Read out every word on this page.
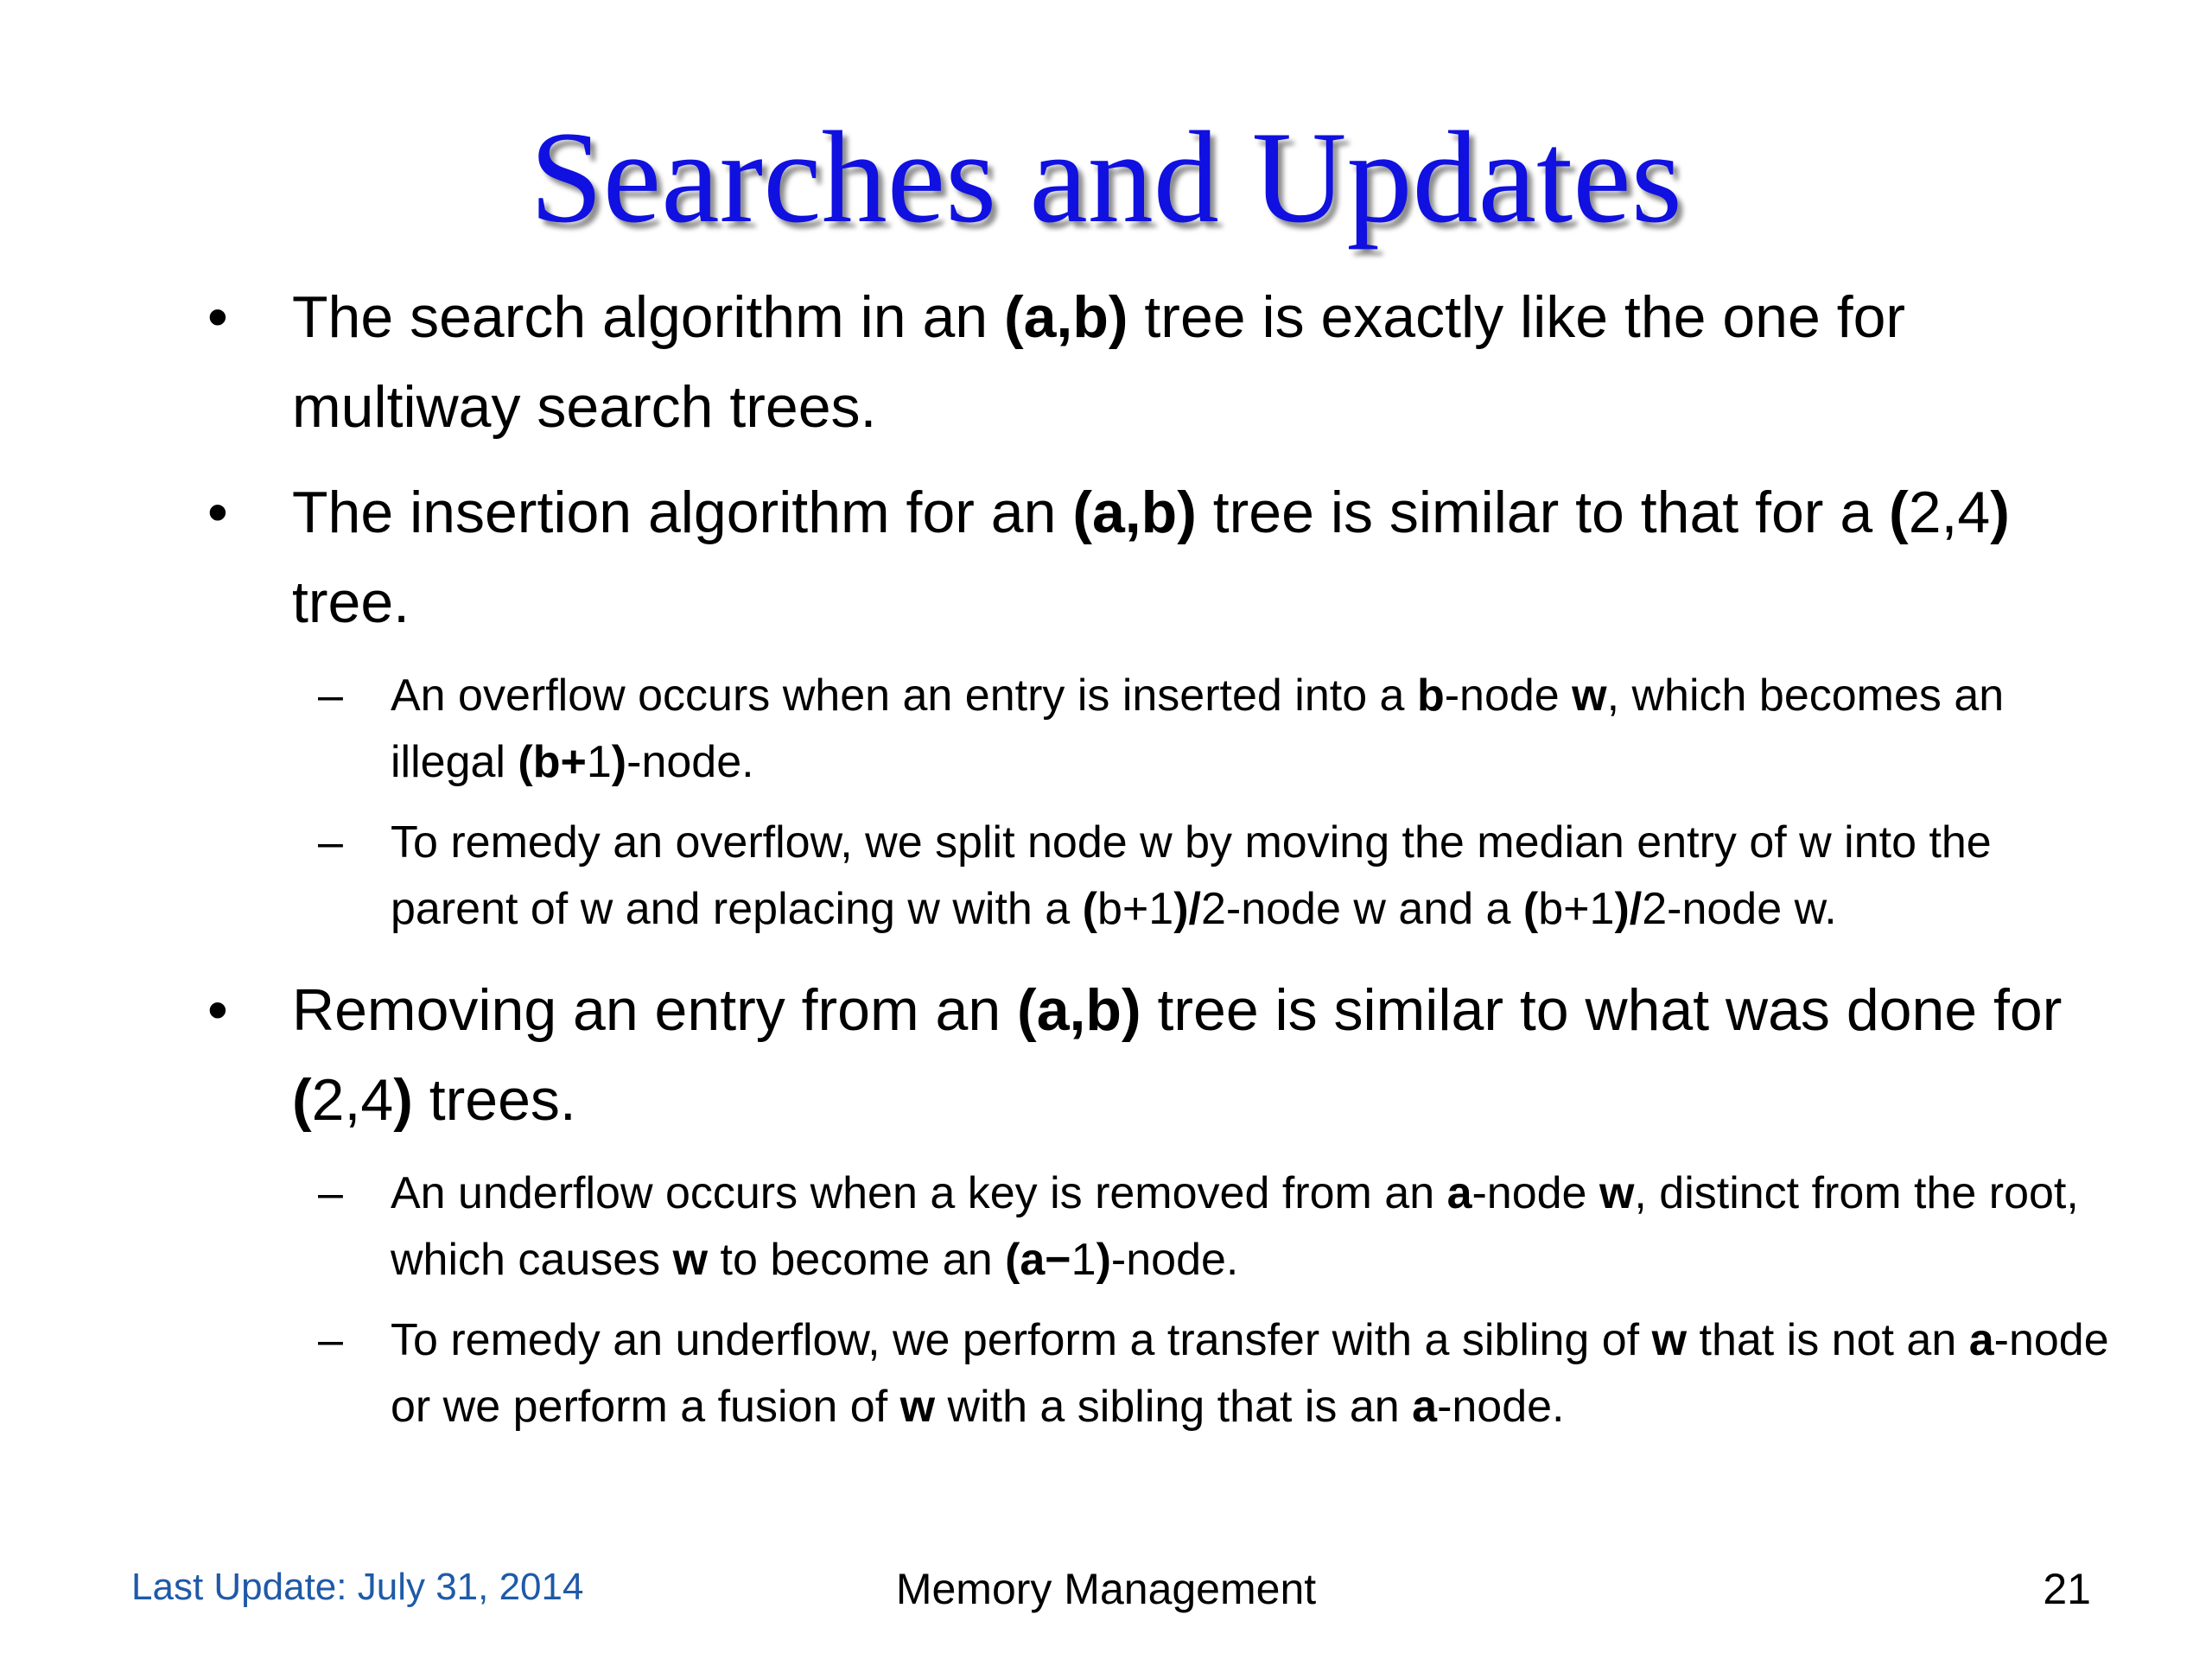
Searches and Updates
•	The search algorithm in an (a,b) tree is exactly like the one for multiway search trees.
•	The insertion algorithm for an (a,b) tree is similar to that for a (2,4) tree.
–	An overflow occurs when an entry is inserted into a b-node w, which becomes an illegal (b+1)-node.
–	To remedy an overflow, we split node w by moving the median entry of w into the parent of w and replacing w with a (b+1)/2-node w and a (b+1)/2-node w.
•	Removing an entry from an (a,b) tree is similar to what was done for (2,4) trees.
–	An underflow occurs when a key is removed from an a-node w, distinct from the root, which causes w to become an (a−1)-node.
–	To remedy an underflow, we perform a transfer with a sibling of w that is not an a-node or we perform a fusion of w with a sibling that is an a-node.
Last Update: July 31, 2014	Memory Management	21
